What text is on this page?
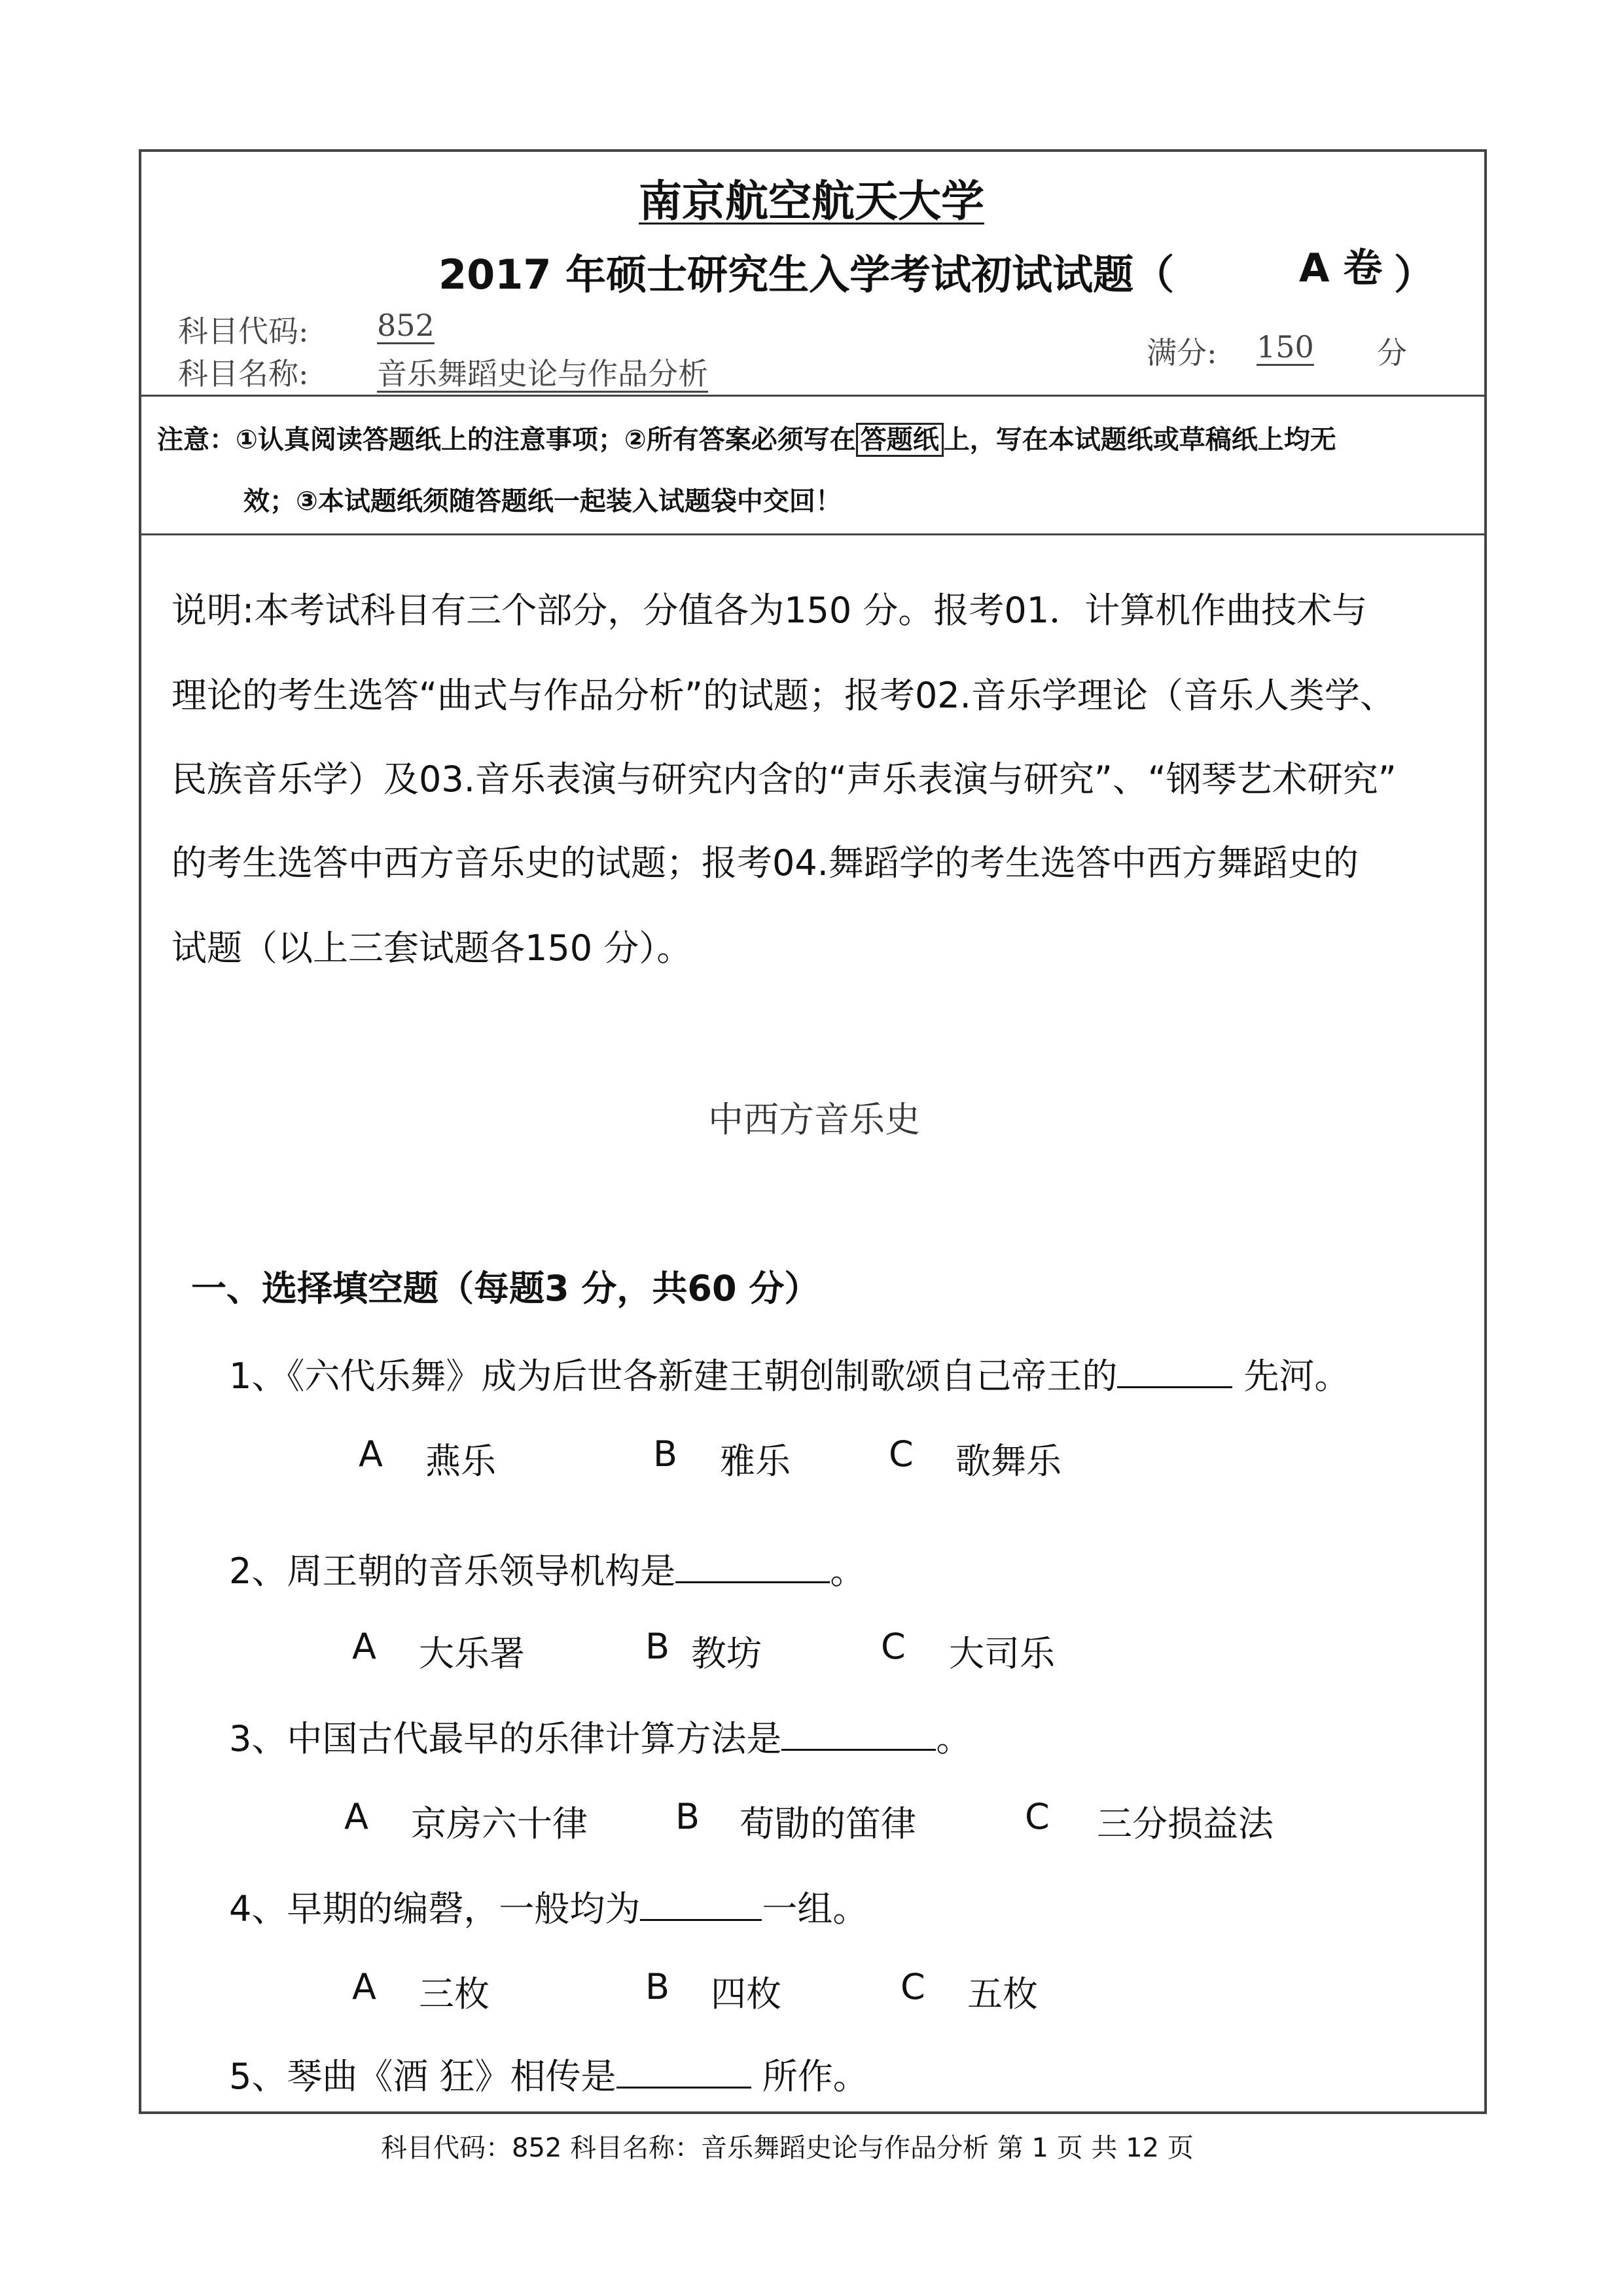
南京航空航天大学
2017 年硕士研究生入学考试初试试题（	A 卷 ）
科目代码: 852
科目名称: 音乐舞蹈史论与作品分析
满分: 150 分
注意：①认真阅读答题纸上的注意事项；②所有答案必须写在 答题纸 上，写在本试题纸或草稿纸上均无
效；③本试题纸须随答题纸一起装入试题袋中交回！
说明:本考试科目有三个部分，分值各为150 分。报考01．计算机作曲技术与
理论的考生选答“曲式与作品分析”的试题；报考02.音乐学理论（音乐人类学、
民族音乐学）及03.音乐表演与研究内含的“声乐表演与研究”、“钢琴艺术研究”
的考生选答中西方音乐史的试题；报考04.舞蹈学的考生选答中西方舞蹈史的
试题（以上三套试题各150 分）。
中西方音乐史
一、选择填空题（每题3 分，共60 分）
1、《六代乐舞》成为后世各新建王朝创制歌颂自己帝王的	先河。
A 燕乐	B 雅乐	C 歌舞乐
2、周王朝的音乐领导机构是	。
A 大乐署	B 教坊	C 大司乐
3、中国古代最早的乐律计算方法是	。
A 京房六十律 B 荀勖的笛律	C 三分损益法
4、早期的编磬，一般均为	一组。
A 三枚	B 四枚	C 五枚
5、琴曲《酒 狂》相传是	所作。
科目代码：852 科目名称：音乐舞蹈史论与作品分析 第 1 页 共 12 页
